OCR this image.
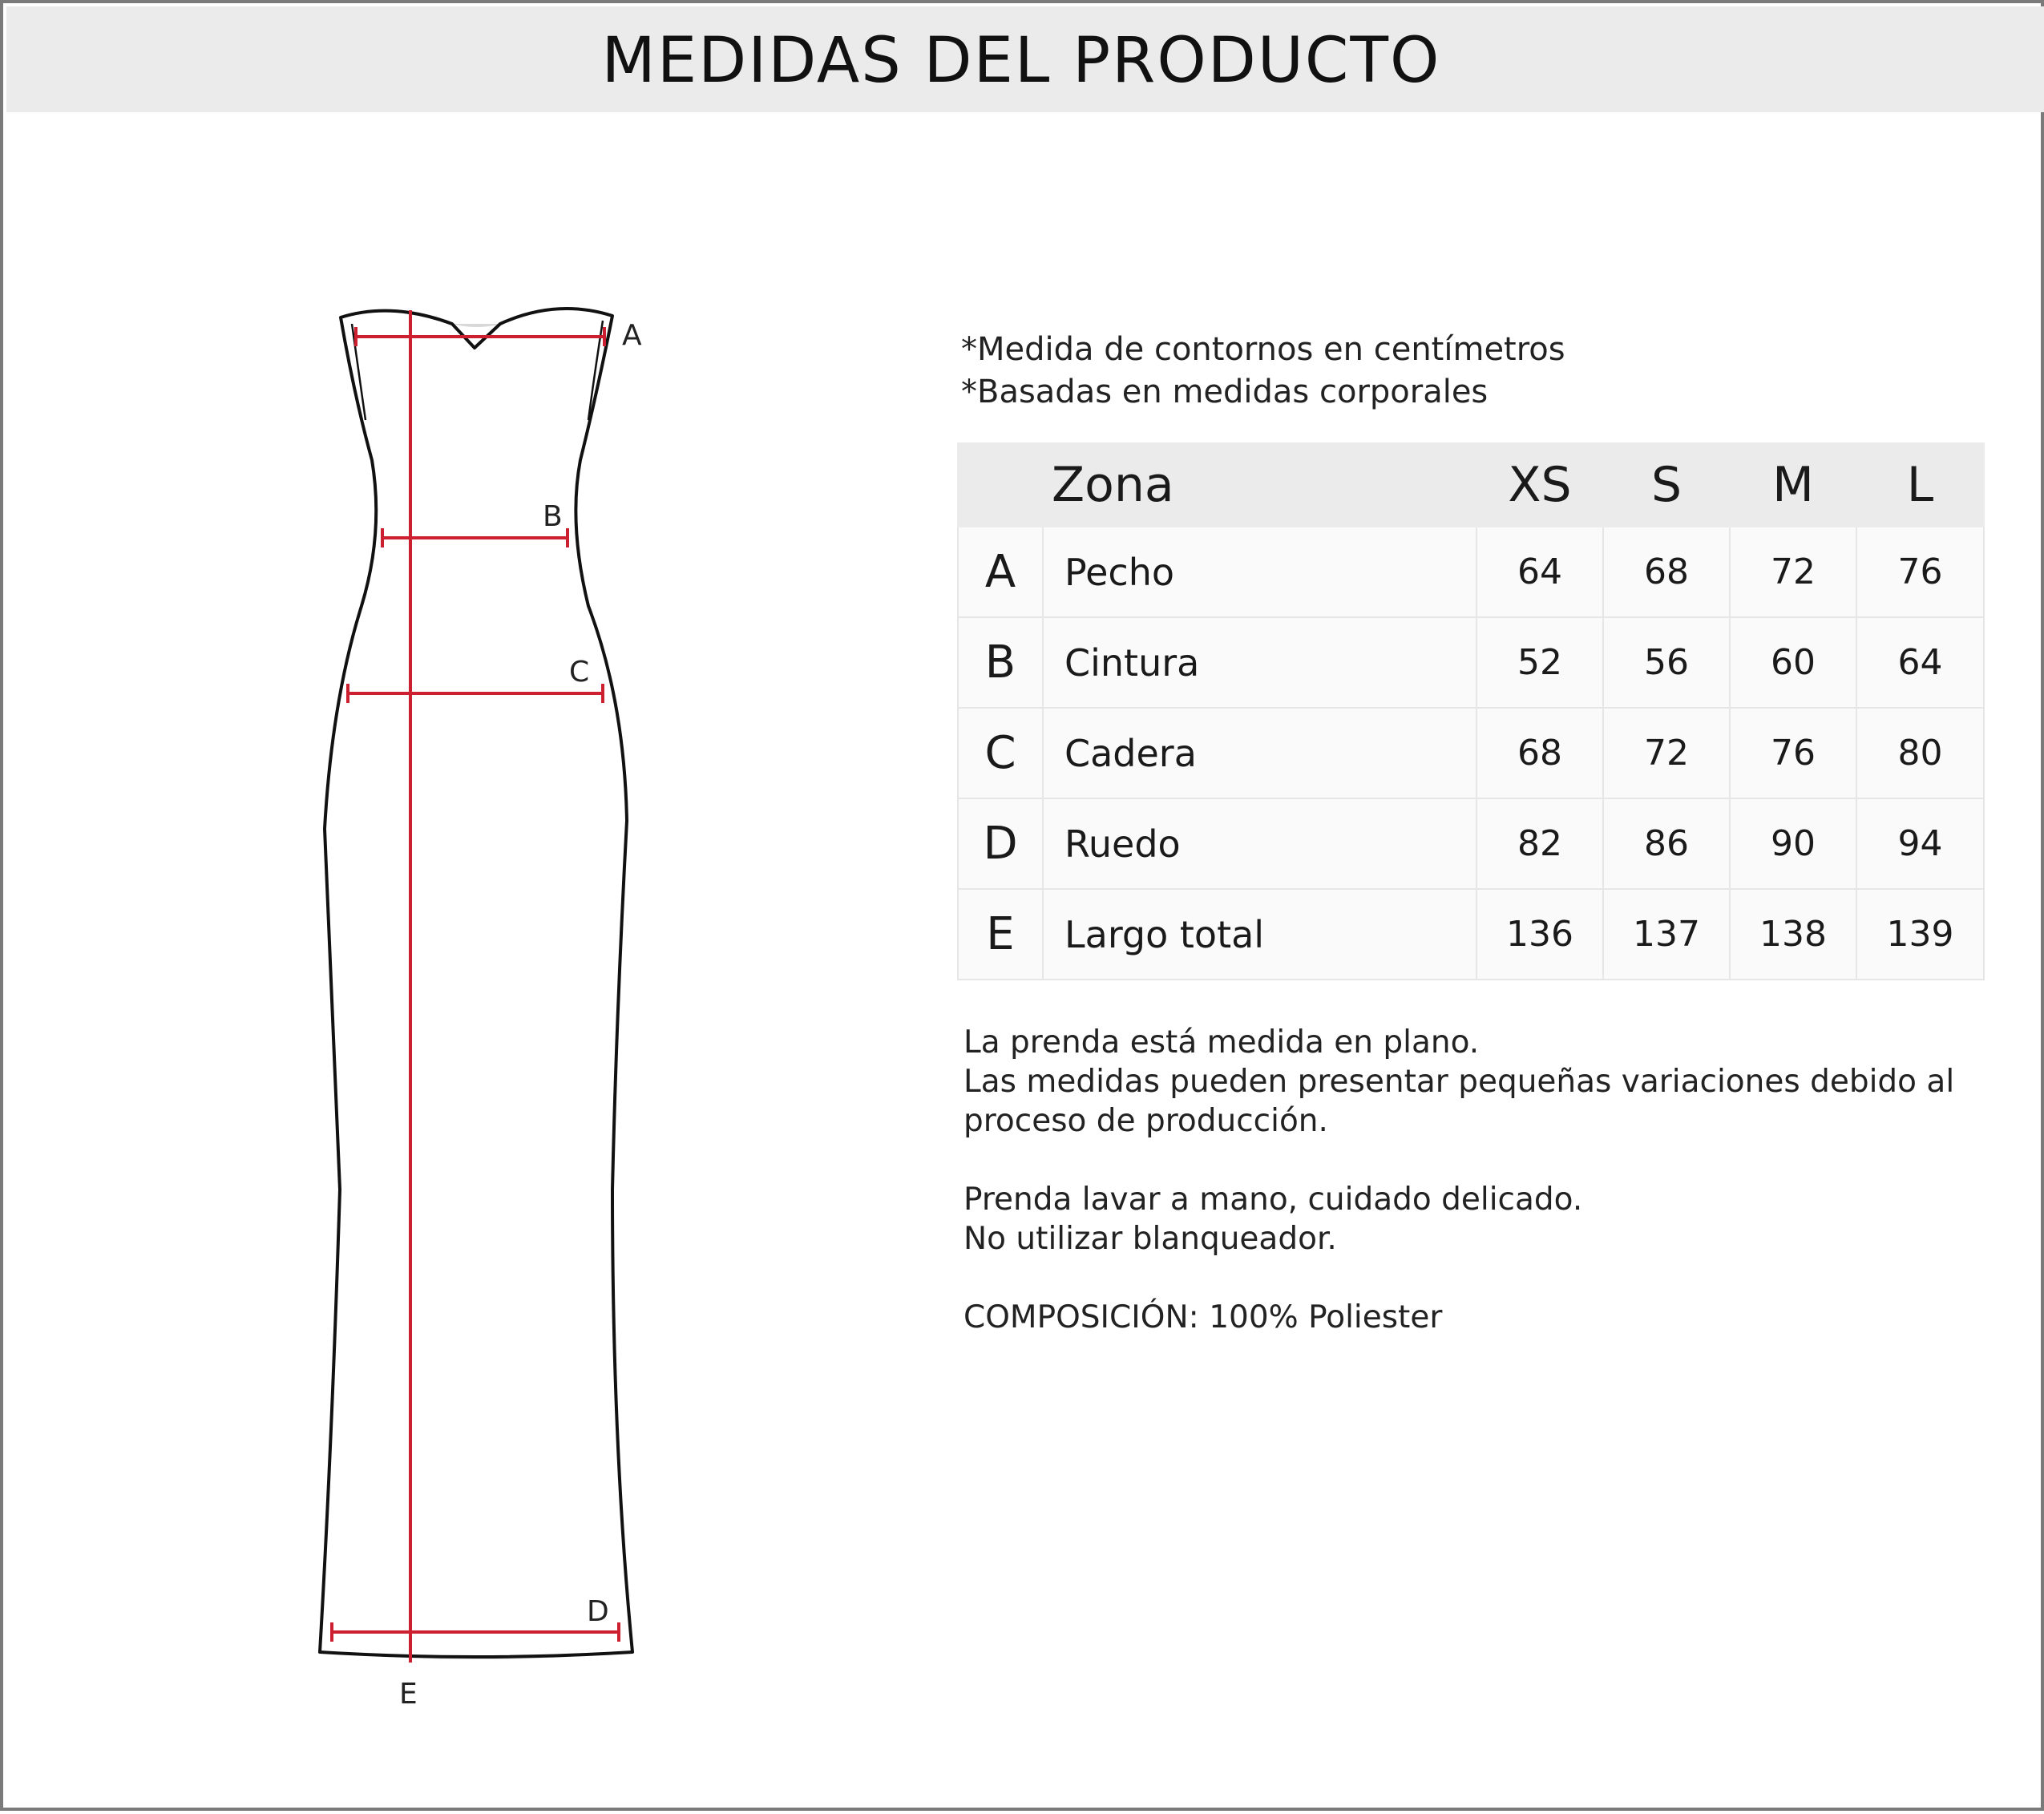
MEDIDAS DEL PRODUCTO
A
B
C
D
E
*Medida de contornos en centímetros
*Basadas en medidas corporales
	Zona	XS	S	M	L
A	Pecho	64	68	72	76
B	Cintura	52	56	60	64
C	Cadera	68	72	76	80
D	Ruedo	82	86	90	94
E	Largo total	136	137	138	139
La prenda está medida en plano.
Las medidas pueden presentar pequeñas variaciones debido al
proceso de producción.
Prenda lavar a mano, cuidado delicado.
No utilizar blanqueador.
COMPOSICIÓN: 100% Poliester
